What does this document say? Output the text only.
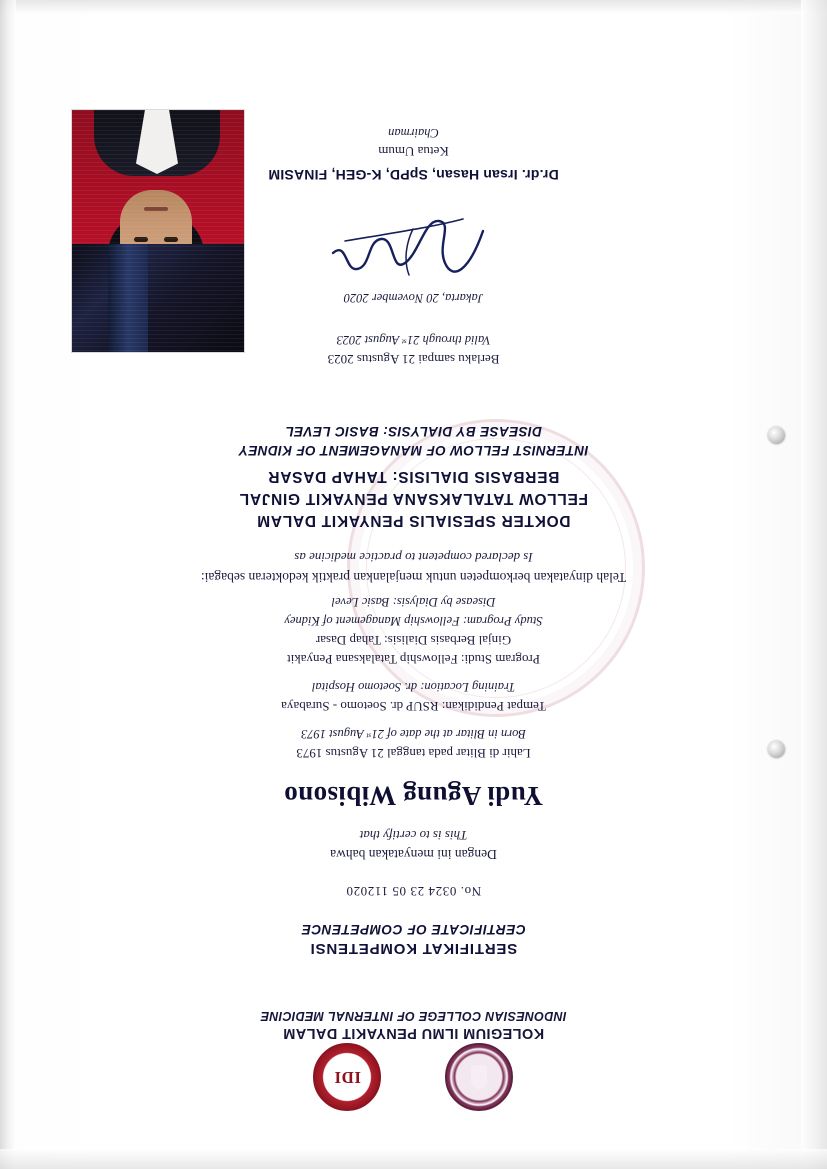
IDI
KOLEGIUM ILMU PENYAKIT DALAM
INDONESIAN COLLEGE OF INTERNAL MEDICINE
SERTIFIKAT KOMPETENSI
CERTIFICATE OF COMPETENCE
No. 0324 23 05 112020
Dengan ini menyatakan bahwa
This is to certify that
Yudi Agung Wibisono
Lahir di Blitar pada tanggal 21 Agustus 1973
Born in Blitar at the date of 21ˢᵗ August 1973
Tempat Pendidikan: RSUP dr. Soetomo - Surabaya
Training Location: dr. Soetomo Hospital
Program Studi: Fellowship Tatalaksana Penyakit
Ginjal Berbasis Dialisis: Tahap Dasar
Study Program: Fellowship Management of Kidney
Disease by Dialysis: Basic Level
Telah dinyatakan berkompeten untuk menjalankan praktik kedokteran sebagai:
Is declared competent to practice medicine as
DOKTER SPESIALIS PENYAKIT DALAM
FELLOW TATALAKSANA PENYAKIT GINJAL
BERBASIS DIALISIS: TAHAP DASAR
INTERNIST FELLOW OF MANAGEMENT OF KIDNEY
DISEASE BY DIALYSIS: BASIC LEVEL
Berlaku sampai 21 Agustus 2023
Valid through 21ˢᵗ August 2023
Jakarta, 20 November 2020
Dr.dr. Irsan Hasan, SpPD, K-GEH, FINASIM
Ketua Umum
Chairman
